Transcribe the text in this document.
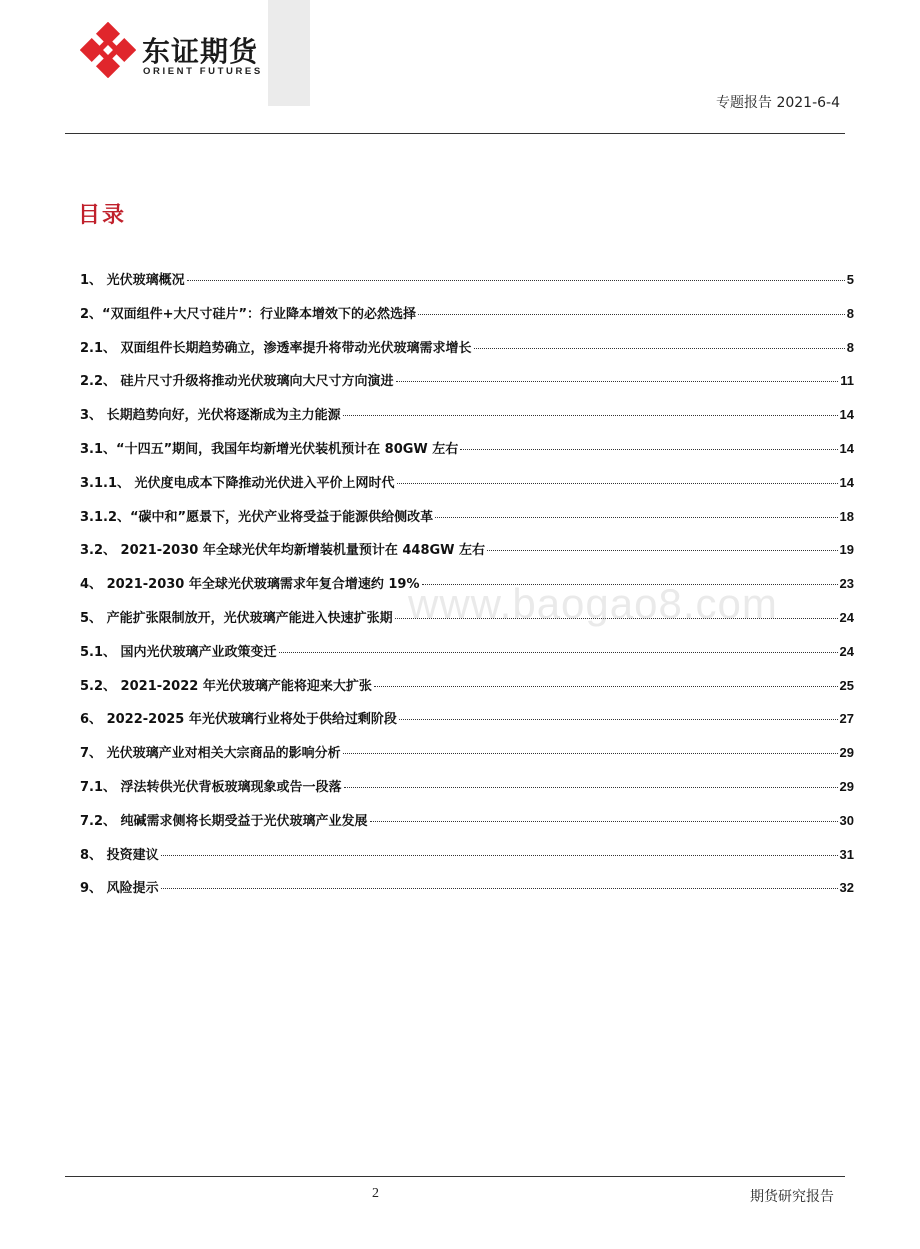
东证期货
ORIENT FUTURES
专题报告 2021-6-4
目录
1、 光伏玻璃概况	5
2、“双面组件+大尺寸硅片”：行业降本增效下的必然选择	8
2.1、 双面组件长期趋势确立，渗透率提升将带动光伏玻璃需求增长	8
2.2、 硅片尺寸升级将推动光伏玻璃向大尺寸方向演进	11
3、 长期趋势向好，光伏将逐渐成为主力能源	14
3.1、“十四五”期间，我国年均新增光伏装机预计在 80GW 左右	14
3.1.1、 光伏度电成本下降推动光伏进入平价上网时代	14
3.1.2、“碳中和”愿景下，光伏产业将受益于能源供给侧改革	18
3.2、 2021-2030 年全球光伏年均新增装机量预计在 448GW 左右	19
4、 2021-2030 年全球光伏玻璃需求年复合增速约 19%	23
5、 产能扩张限制放开，光伏玻璃产能进入快速扩张期	24
5.1、 国内光伏玻璃产业政策变迁	24
5.2、 2021-2022 年光伏玻璃产能将迎来大扩张	25
6、 2022-2025 年光伏玻璃行业将处于供给过剩阶段	27
7、 光伏玻璃产业对相关大宗商品的影响分析	29
7.1、 浮法转供光伏背板玻璃现象或告一段落	29
7.2、 纯碱需求侧将长期受益于光伏玻璃产业发展	30
8、 投资建议	31
9、 风险提示	32
www.baogao8.com
2	期货研究报告
